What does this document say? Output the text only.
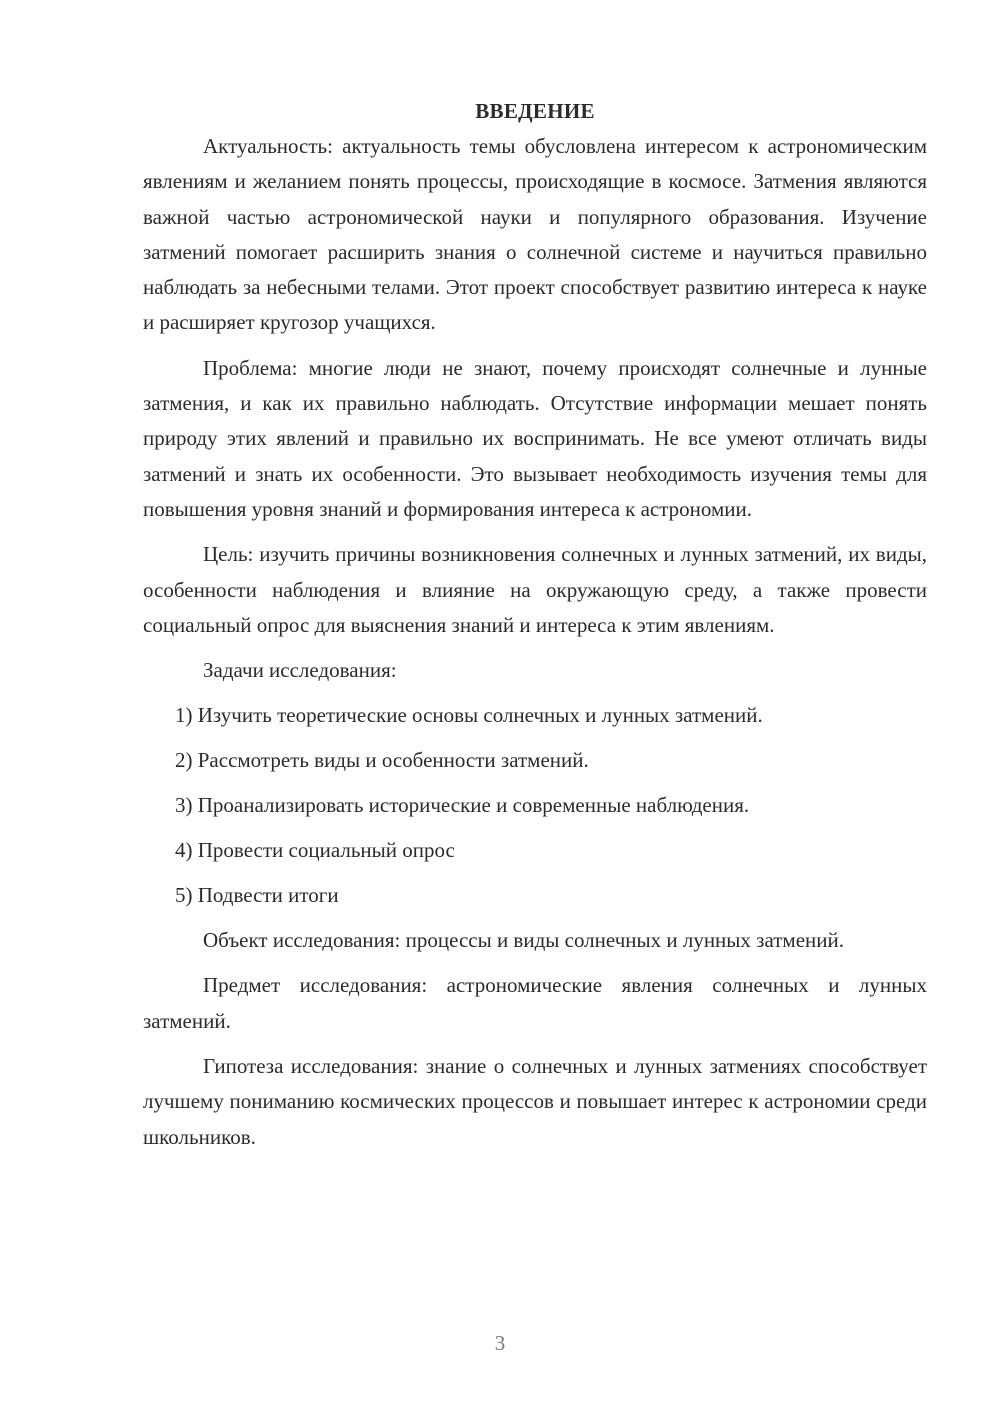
ВВЕДЕНИЕ

Актуальность: актуальность темы обусловлена интересом к астрономическим явлениям и желанием понять процессы, происходящие в космосе. Затмения являются важной частью астрономической науки и популярного образования. Изучение затмений помогает расширить знания о солнечной системе и научиться правильно наблюдать за небесными телами. Этот проект способствует развитию интереса к науке и расширяет кругозор учащихся.

Проблема: многие люди не знают, почему происходят солнечные и лунные затмения, и как их правильно наблюдать. Отсутствие информации мешает понять природу этих явлений и правильно их воспринимать. Не все умеют отличать виды затмений и знать их особенности. Это вызывает необходимость изучения темы для повышения уровня знаний и формирования интереса к астрономии.

Цель: изучить причины возникновения солнечных и лунных затмений, их виды, особенности наблюдения и влияние на окружающую среду, а также провести социальный опрос для выяснения знаний и интереса к этим явлениям.

Задачи исследования:
1) Изучить теоретические основы солнечных и лунных затмений.
2) Рассмотреть виды и особенности затмений.
3) Проанализировать исторические и современные наблюдения.
4) Провести социальный опрос
5) Подвести итоги

Объект исследования: процессы и виды солнечных и лунных затмений.

Предмет исследования: астрономические явления солнечных и лунных затмений.

Гипотеза исследования: знание о солнечных и лунных затмениях способствует лучшему пониманию космических процессов и повышает интерес к астрономии среди школьников.

3
